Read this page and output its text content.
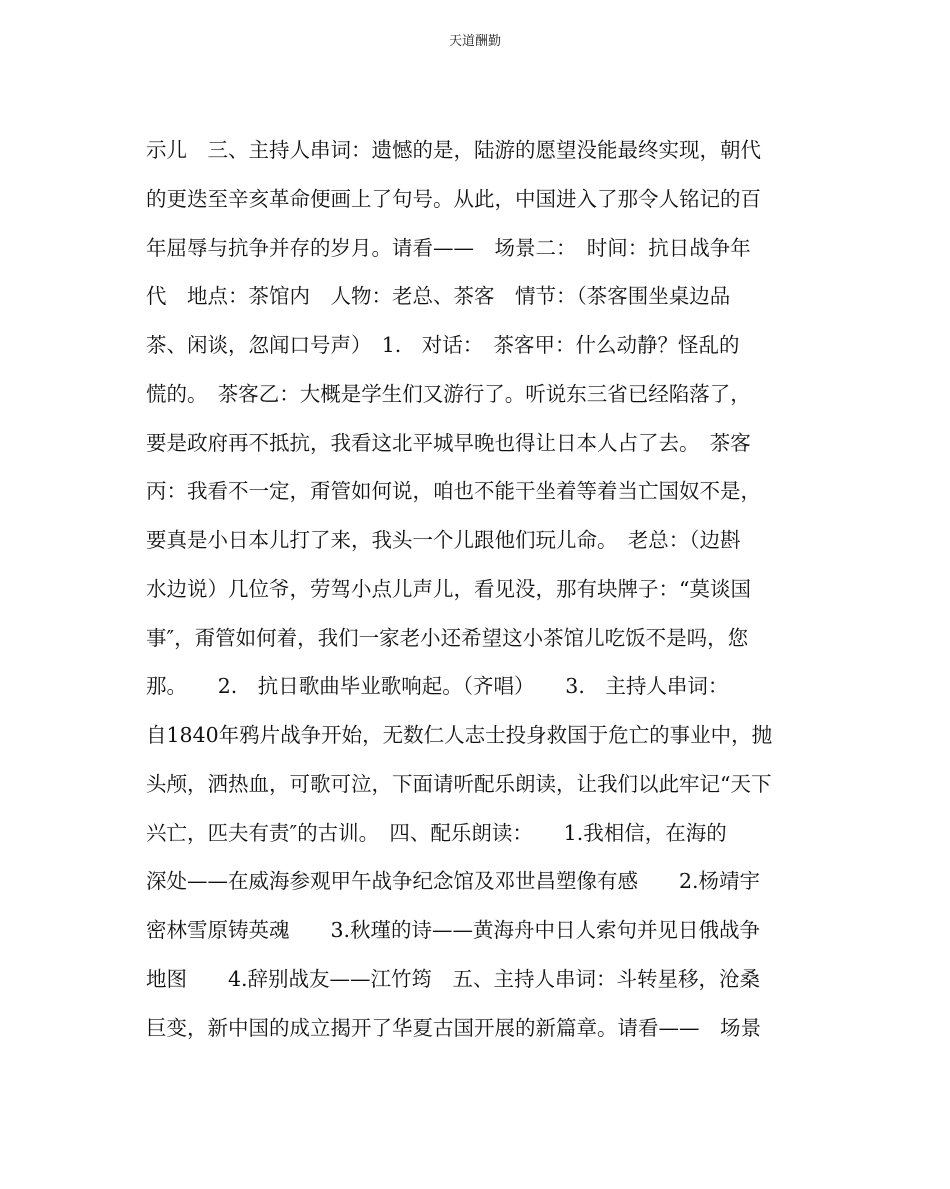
天道酬勤
示儿　三、主持人串词：遗憾的是，陆游的愿望没能最终实现，朝代
的更迭至辛亥革命便画上了句号。从此，中国进入了那令人铭记的百
年屈辱与抗争并存的岁月。请看——　场景二：　时间：抗日战争年
代　地点：茶馆内　人物：老总、茶客　情节：（茶客围坐桌边品
茶、闲谈，忽闻口号声）　1.　对话：　茶客甲：什么动静？怪乱的
慌的。　茶客乙：大概是学生们又游行了。听说东三省已经陷落了，
要是政府再不抵抗，我看这北平城早晚也得让日本人占了去。　茶客
丙：我看不一定，甭管如何说，咱也不能干坐着等着当亡国奴不是，
要真是小日本儿打了来，我头一个儿跟他们玩儿命。　老总：（边斟
水边说）几位爷，劳驾小点儿声儿，看见没，那有块牌子：“莫谈国
事″，甭管如何着，我们一家老小还希望这小茶馆儿吃饭不是吗，您
那。　　2.　抗日歌曲毕业歌响起。（齐唱）　　3.　主持人串词：
自1840年鸦片战争开始，无数仁人志士投身救国于危亡的事业中，抛
头颅，洒热血，可歌可泣，下面请听配乐朗读，让我们以此牢记“天下
兴亡，匹夫有责″的古训。　四、配乐朗读：　　1.我相信，在海的
深处——在威海参观甲午战争纪念馆及邓世昌塑像有感　　2.杨靖宇
密林雪原铸英魂　　3.秋瑾的诗——黄海舟中日人索句并见日俄战争
地图　　4.辞别战友——江竹筠　五、主持人串词：斗转星移，沧桑
巨变，新中国的成立揭开了华夏古国开展的新篇章。请看——　场景
